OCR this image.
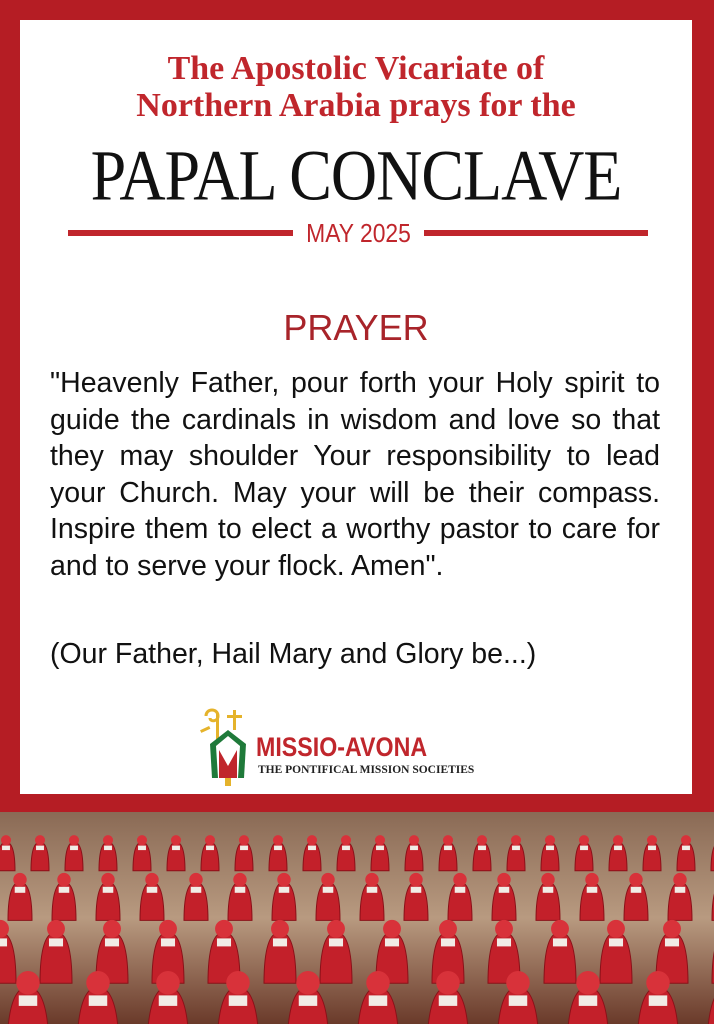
The Apostolic Vicariate of
Northern Arabia prays for the
PAPAL CONCLAVE
MAY 2025
PRAYER

"Heavenly Father, pour forth your Holy spirit to guide the cardinals in wisdom and love so that they may shoulder Your responsibility to lead your Church. May your will be their compass. Inspire them to elect a worthy pastor to care for and to serve your flock. Amen".

(Our Father, Hail Mary and Glory be...)
MISSIO-AVONA
THE PONTIFICAL MISSION SOCIETIES
